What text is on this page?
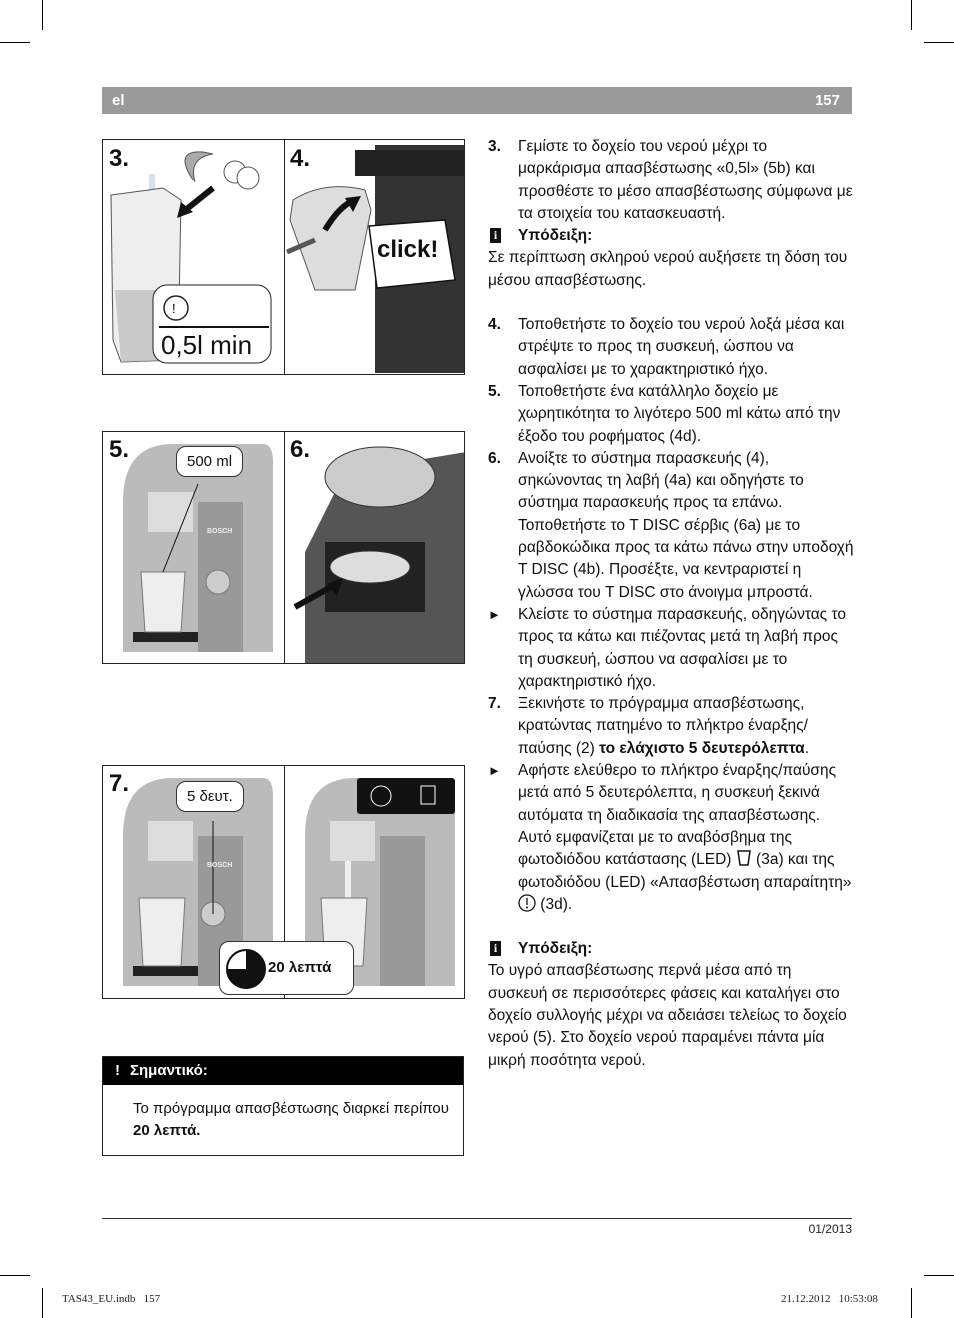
el	157
!
3.
0,5l min
4.
click!
5.	500 ml
BOSCH
6.
7.	5 δευτ.
BOSCH
20 λεπτά
! Σημαντικό:
Το πρόγραμμα απασβέστωσης διαρκεί περίπου 20 λεπτά.
3. Γεμίστε το δοχείο του νερού μέχρι το μαρκάρισμα απασβέστωσης «0,5l» (5b) και προσθέστε το μέσο απασβέστωσης σύμφωνα με τα στοιχεία του κατασκευαστή.
i Υπόδειξη:
Σε περίπτωση σκληρού νερού αυξήσετε τη δόση του μέσου απασβέστωσης.
4. Τοποθετήστε το δοχείο του νερού λοξά μέσα και στρέψτε το προς τη συσκευή, ώσπου να ασφαλίσει με το χαρακτηριστικό ήχο.
5. Τοποθετήστε ένα κατάλληλο δοχείο με χωρητικότητα το λιγότερο 500 ml κάτω από την έξοδο του ροφήματος (4d).
6. Ανοίξτε το σύστημα παρασκευής (4), σηκώνοντας τη λαβή (4a) και οδηγήστε το σύστημα παρασκευής προς τα επάνω. Τοποθετήστε το T DISC σέρβις (6a) με το ραβδοκώδικα προς τα κάτω πάνω στην υποδοχή T DISC (4b). Προσέξτε, να κεντραριστεί η γλώσσα του T DISC στο άνοιγμα μπροστά.
► Κλείστε το σύστημα παρασκευής, οδηγώντας το προς τα κάτω και πιέζοντας μετά τη λαβή προς τη συσκευή, ώσπου να ασφαλίσει με το χαρακτηριστικό ήχο.
7. Ξεκινήστε το πρόγραμμα απασβέστωσης, κρατώντας πατημένο το πλήκτρο έναρξης/παύσης (2) το ελάχιστο 5 δευτερόλεπτα.
► Αφήστε ελεύθερο το πλήκτρο έναρξης/παύσης μετά από 5 δευτερόλεπτα, η συσκευή ξεκινά αυτόματα τη διαδικασία της απασβέστωσης. Αυτό εμφανίζεται με το αναβόσβημα της φωτοδιόδου κατάστασης (LED)  (3a) και της φωτοδιόδου (LED) «Απασβέστωση απαραίτητη»  (3d).
i Υπόδειξη:
Το υγρό απασβέστωσης περνά μέσα από τη συσκευή σε περισσότερες φάσεις και καταλήγει στο δοχείο συλλογής μέχρι να αδειάσει τελείως το δοχείο νερού (5). Στο δοχείο νερού παραμένει πάντα μία μικρή ποσότητα νερού.
01/2013
TAS43_EU.indb   157	21.12.2012   10:53:08
